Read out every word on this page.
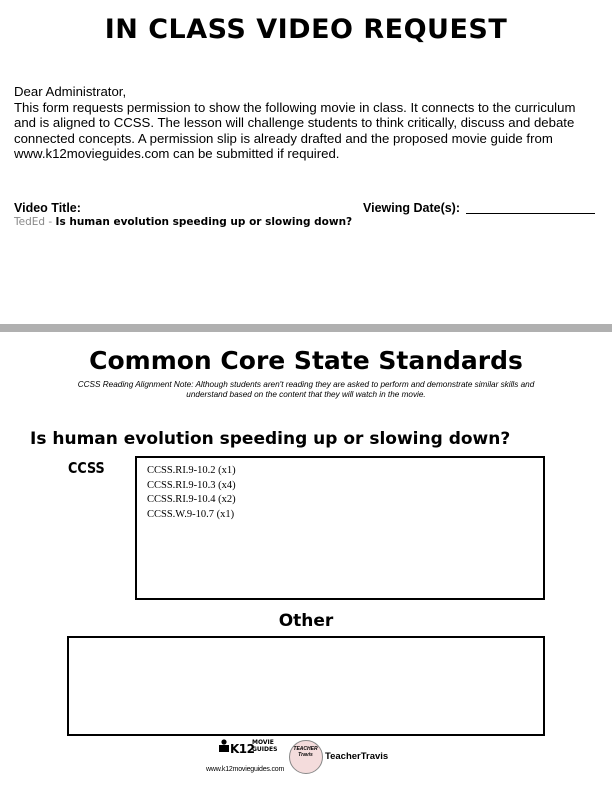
IN CLASS VIDEO REQUEST

Dear Administrator,

This form requests permission to show the following movie in class. It connects to the curriculum and is aligned to CCSS. The lesson will challenge students to think critically, discuss and debate connected concepts. A permission slip is already drafted and the proposed movie guide from www.k12movieguides.com can be submitted if required.

Video Title:	Viewing Date(s):
TedEd - Is human evolution speeding up or slowing down?
Common Core State Standards

CCSS Reading Alignment Note: Although students aren't reading they are asked to perform and demonstrate similar skills and understand based on the content that they will watch in the movie.

Is human evolution speeding up or slowing down?
CCSS	CCSS.RI.9-10.2 (x1)
CCSS.RI.9-10.3 (x4)
CCSS.RI.9-10.4 (x2)
CCSS.W.9-10.7 (x1)
Other
K12
MOVIE GUIDES
www.k12movieguides.com
TEACHER Travis	TeacherTravis
